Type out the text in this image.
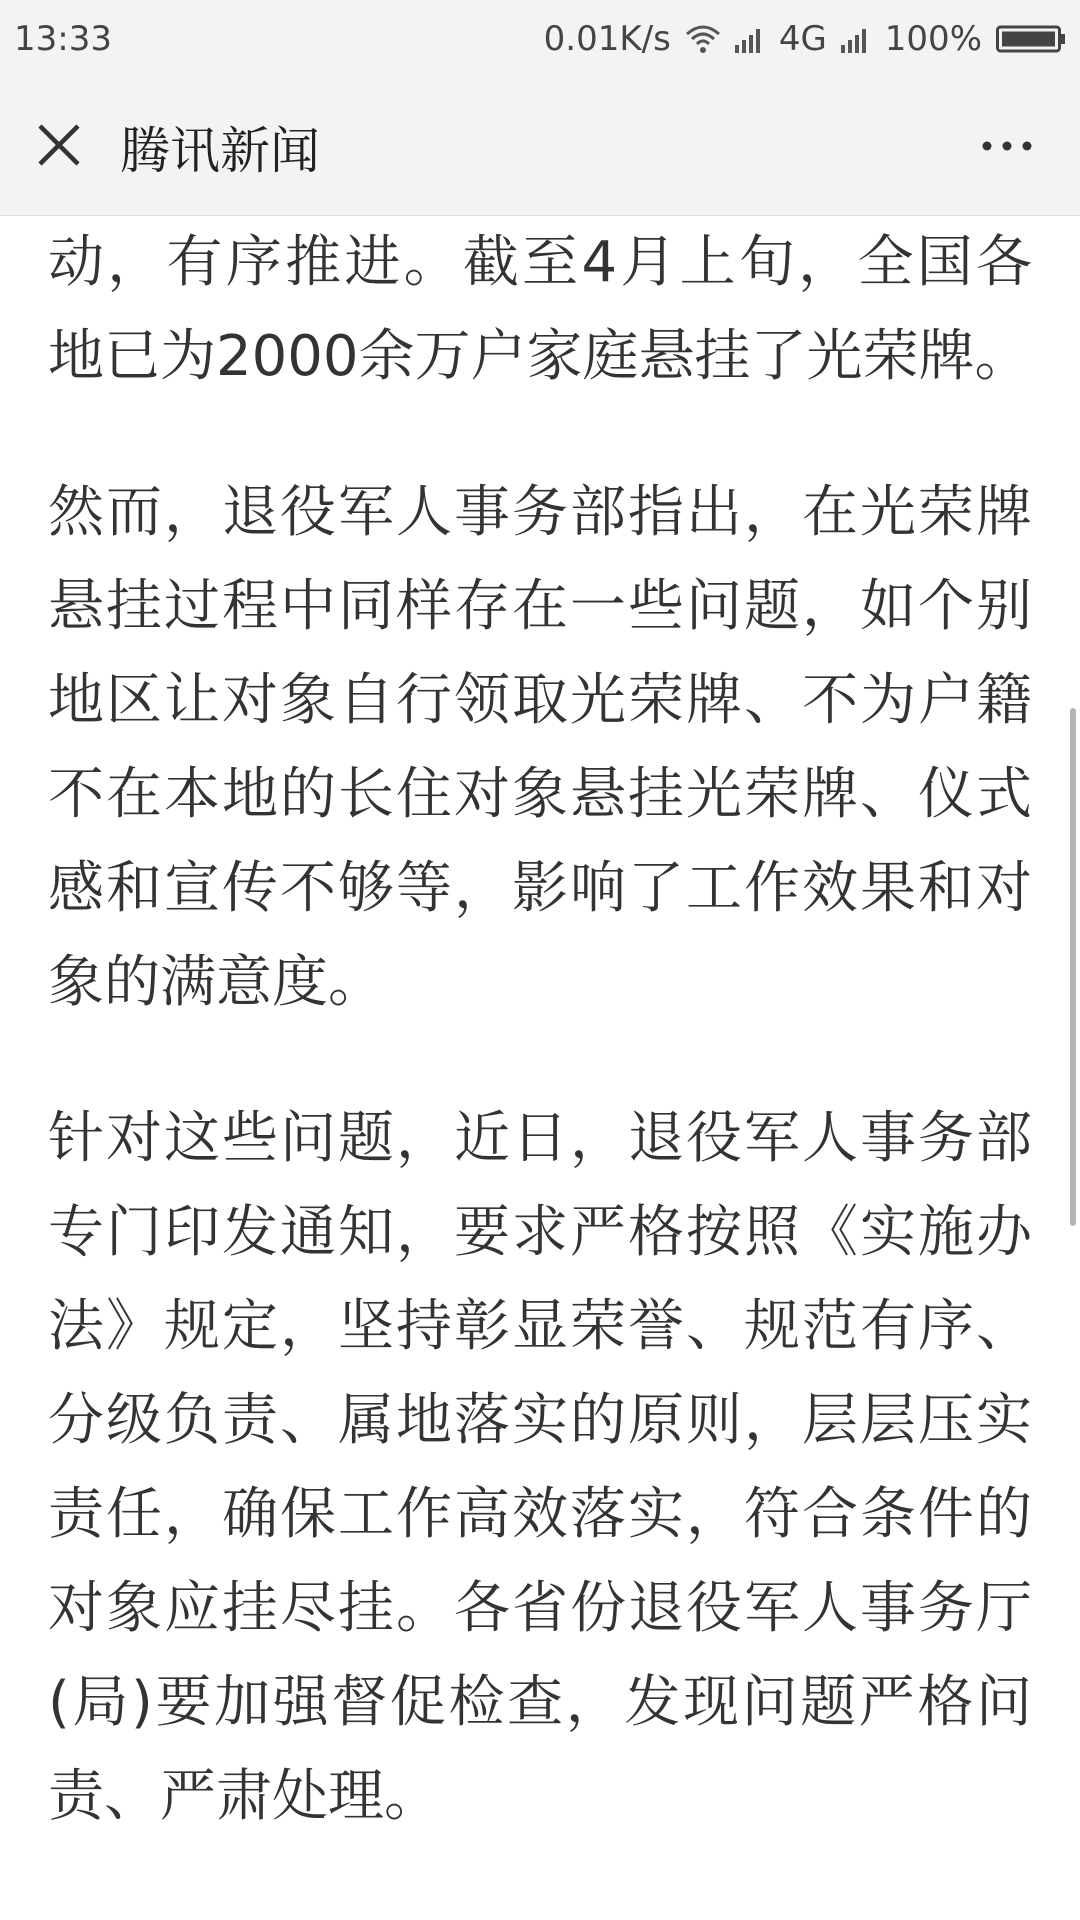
13:33	0.01K/s	4G 100%
腾讯新闻

动，有序推进。截至4月上旬，全国各地已为2000余万户家庭悬挂了光荣牌。

然而，退役军人事务部指出，在光荣牌悬挂过程中同样存在一些问题，如个别地区让对象自行领取光荣牌、不为户籍不在本地的长住对象悬挂光荣牌、仪式感和宣传不够等，影响了工作效果和对象的满意度。

针对这些问题，近日，退役军人事务部专门印发通知，要求严格按照《实施办法》规定，坚持彰显荣誉、规范有序、分级负责、属地落实的原则，层层压实责任，确保工作高效落实，符合条件的对象应挂尽挂。各省份退役军人事务厅(局)要加强督促检查，发现问题严格问责、严肃处理。
